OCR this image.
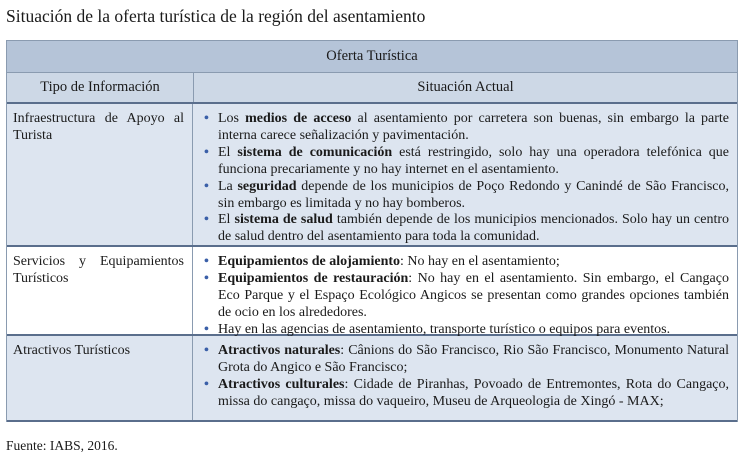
Situación de la oferta turística de la región del asentamiento
Oferta Turística
Tipo de Información	Situación Actual
Infraestructura de Apoyo al Turista
• Los medios de acceso al asentamiento por carretera son buenas, sin embargo la parte interna carece señalización y pavimentación.
• El sistema de comunicación está restringido, solo hay una operadora telefónica que funciona precariamente y no hay internet en el asentamiento.
• La seguridad depende de los municipios de Poço Redondo y Canindé de São Francisco, sin embargo es limitada y no hay bomberos.
• El sistema de salud también depende de los municipios mencionados. Solo hay un centro de salud dentro del asentamiento para toda la comunidad.
Servicios y Equipamientos Turísticos
• Equipamientos de alojamiento: No hay en el asentamiento;
• Equipamientos de restauración: No hay en el asentamiento. Sin embargo, el Cangaço Eco Parque y el Espaço Ecológico Angicos se presentan como grandes opciones también de ocio en los alrededores.
• Hay en las agencias de asentamiento, transporte turístico o equipos para eventos.
Atractivos Turísticos	• Atractivos naturales: Cânions do São Francisco, Rio São Francisco, Monumento Natural Grota do Angico e São Francisco;
• Atractivos culturales: Cidade de Piranhas, Povoado de Entremontes, Rota do Cangaço, missa do cangaço, missa do vaqueiro, Museu de Arqueologia de Xingó - MAX;
Fuente: IABS, 2016.
